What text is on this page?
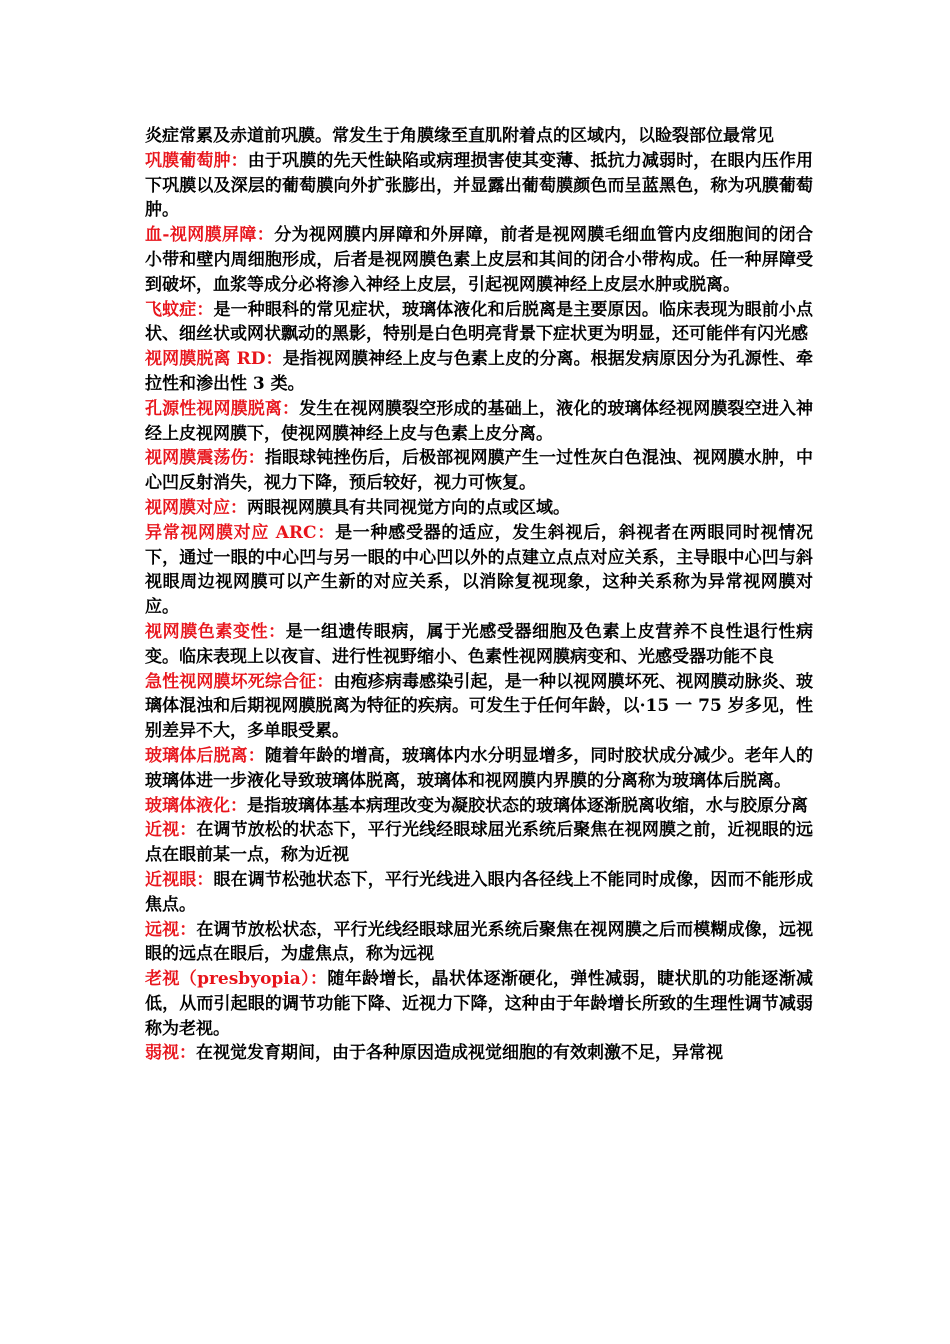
炎症常累及赤道前巩膜。常发生于角膜缘至直肌附着点的区域内，以睑裂部位最常见

巩膜葡萄肿：由于巩膜的先天性缺陷或病理损害使其变薄、抵抗力减弱时，在眼内压作用下巩膜以及深层的葡萄膜向外扩张膨出，并显露出葡萄膜颜色而呈蓝黑色，称为巩膜葡萄肿。

血-视网膜屏障：分为视网膜内屏障和外屏障，前者是视网膜毛细血管内皮细胞间的闭合小带和壁内周细胞形成，后者是视网膜色素上皮层和其间的闭合小带构成。任一种屏障受到破坏，血浆等成分必将渗入神经上皮层，引起视网膜神经上皮层水肿或脱离。

飞蚊症：是一种眼科的常见症状，玻璃体液化和后脱离是主要原因。临床表现为眼前小点状、细丝状或网状飘动的黑影，特别是白色明亮背景下症状更为明显，还可能伴有闪光感

视网膜脱离 RD：是指视网膜神经上皮与色素上皮的分离。根据发病原因分为孔源性、牵拉性和渗出性 3 类。

孔源性视网膜脱离：发生在视网膜裂空形成的基础上，液化的玻璃体经视网膜裂空进入神经上皮视网膜下，使视网膜神经上皮与色素上皮分离。

视网膜震荡伤：指眼球钝挫伤后，后极部视网膜产生一过性灰白色混浊、视网膜水肿，中心凹反射消失，视力下降，预后较好，视力可恢复。

视网膜对应：两眼视网膜具有共同视觉方向的点或区域。

异常视网膜对应 ARC：是一种感受器的适应，发生斜视后，斜视者在两眼同时视情况下，通过一眼的中心凹与另一眼的中心凹以外的点建立点点对应关系，主导眼中心凹与斜视眼周边视网膜可以产生新的对应关系，以消除复视现象，这种关系称为异常视网膜对应。

视网膜色素变性：是一组遗传眼病，属于光感受器细胞及色素上皮营养不良性退行性病变。临床表现上以夜盲、进行性视野缩小、色素性视网膜病变和、光感受器功能不良

急性视网膜坏死综合征：由疱疹病毒感染引起，是一种以视网膜坏死、视网膜动脉炎、玻璃体混浊和后期视网膜脱离为特征的疾病。可发生于任何年龄，以·15 一 75 岁多见，性别差异不大，多单眼受累。

玻璃体后脱离：随着年龄的增高，玻璃体内水分明显增多，同时胶状成分减少。老年人的玻璃体进一步液化导致玻璃体脱离，玻璃体和视网膜内界膜的分离称为玻璃体后脱离。

玻璃体液化：是指玻璃体基本病理改变为凝胶状态的玻璃体逐渐脱离收缩，水与胶原分离

近视：在调节放松的状态下，平行光线经眼球屈光系统后聚焦在视网膜之前，近视眼的远点在眼前某一点，称为近视

近视眼：眼在调节松弛状态下，平行光线进入眼内各径线上不能同时成像，因而不能形成焦点。

远视：在调节放松状态，平行光线经眼球屈光系统后聚焦在视网膜之后而模糊成像，远视眼的远点在眼后，为虚焦点，称为远视

老视（presbyopia）：随年龄增长，晶状体逐渐硬化，弹性减弱，睫状肌的功能逐渐减低，从而引起眼的调节功能下降、近视力下降，这种由于年龄增长所致的生理性调节减弱称为老视。

弱视：在视觉发育期间，由于各种原因造成视觉细胞的有效刺激不足，异常视
